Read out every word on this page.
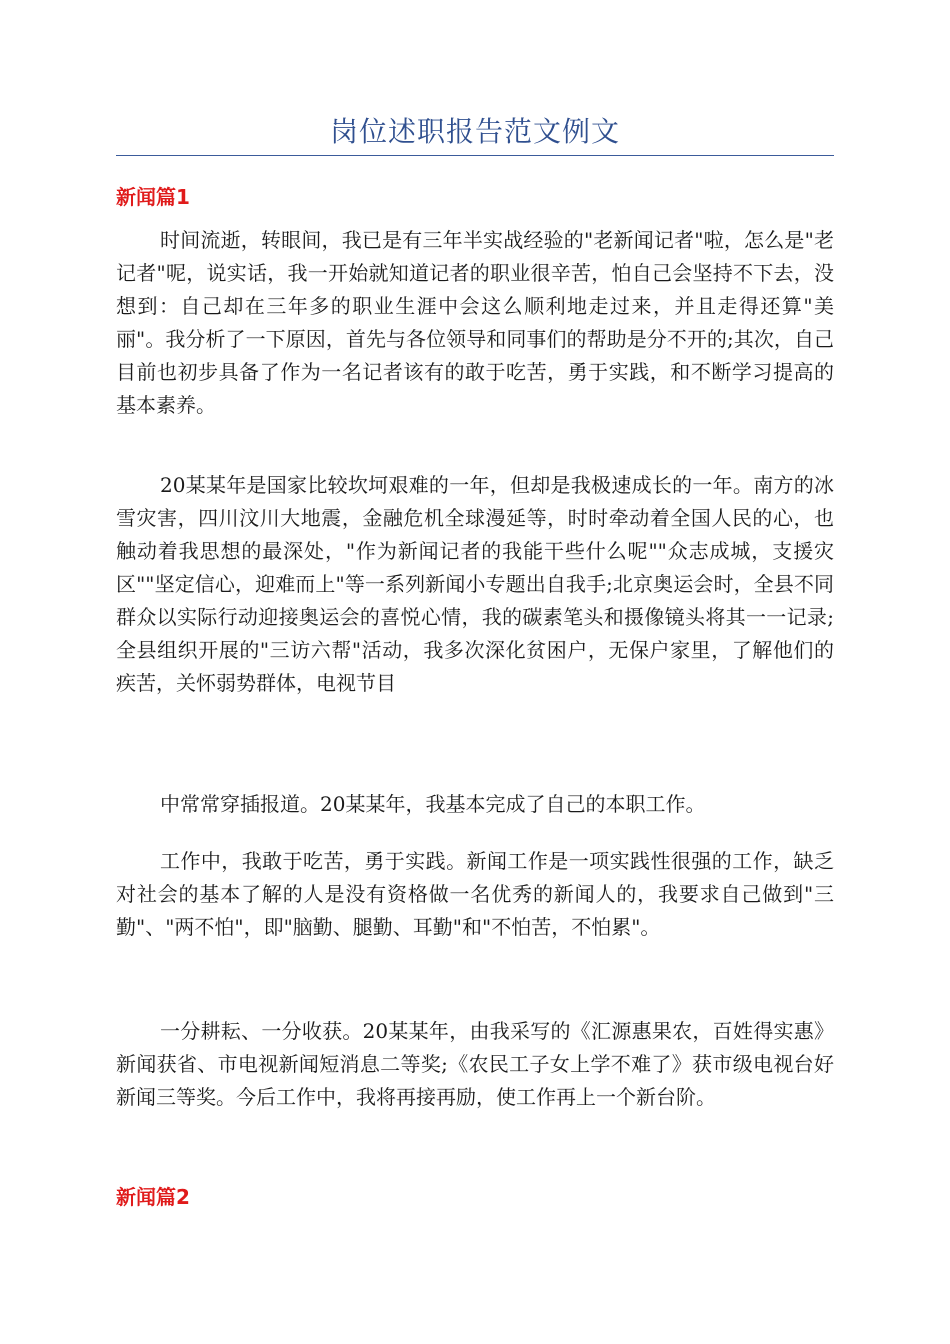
岗位述职报告范文例文
新闻篇1

时间流逝，转眼间，我已是有三年半实战经验的"老新闻记者"啦，怎么是"老记者"呢，说实话，我一开始就知道记者的职业很辛苦，怕自己会坚持不下去，没想到：自己却在三年多的职业生涯中会这么顺利地走过来，并且走得还算"美丽"。我分析了一下原因，首先与各位领导和同事们的帮助是分不开的;其次，自己目前也初步具备了作为一名记者该有的敢于吃苦，勇于实践，和不断学习提高的基本素养。

20某某年是国家比较坎坷艰难的一年，但却是我极速成长的一年。南方的冰雪灾害，四川汶川大地震，金融危机全球漫延等，时时牵动着全国人民的心，也触动着我思想的最深处，"作为新闻记者的我能干些什么呢""众志成城，支援灾区""坚定信心，迎难而上"等一系列新闻小专题出自我手;北京奥运会时，全县不同群众以实际行动迎接奥运会的喜悦心情，我的碳素笔头和摄像镜头将其一一记录;全县组织开展的"三访六帮"活动，我多次深化贫困户，无保户家里，了解他们的疾苦，关怀弱势群体，电视节目

中常常穿插报道。20某某年，我基本完成了自己的本职工作。

工作中，我敢于吃苦，勇于实践。新闻工作是一项实践性很强的工作，缺乏对社会的基本了解的人是没有资格做一名优秀的新闻人的，我要求自己做到"三勤"、"两不怕"，即"脑勤、腿勤、耳勤"和"不怕苦，不怕累"。

一分耕耘、一分收获。20某某年，由我采写的《汇源惠果农，百姓得实惠》新闻获省、市电视新闻短消息二等奖;《农民工子女上学不难了》获市级电视台好新闻三等奖。今后工作中，我将再接再励，使工作再上一个新台阶。

新闻篇2
